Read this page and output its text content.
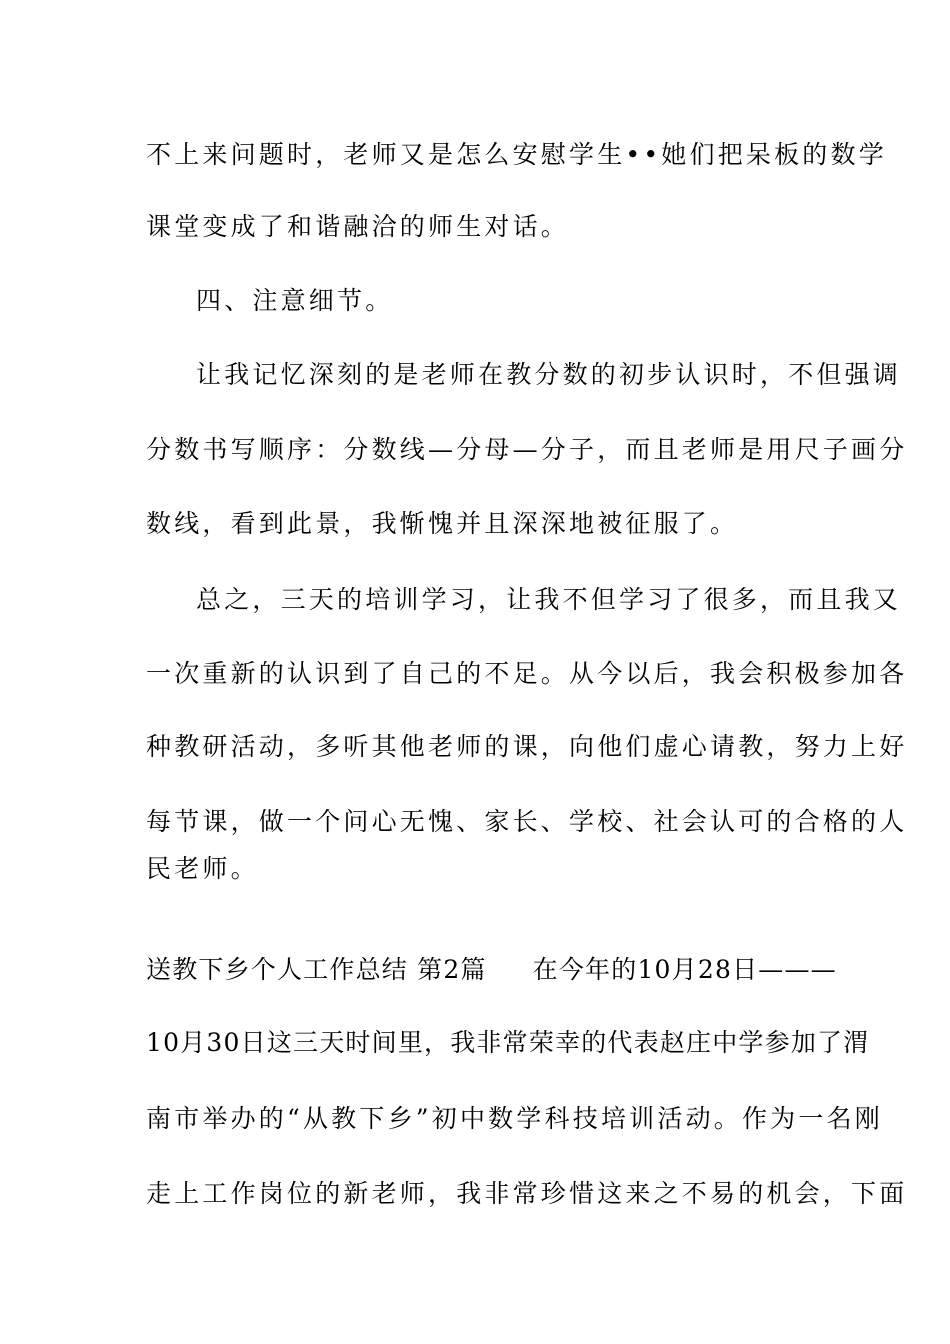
不上来问题时，老师又是怎么安慰学生••她们把呆板的数学
课堂变成了和谐融洽的师生对话。
四、注意细节。
让我记忆深刻的是老师在教分数的初步认识时，不但强调
分数书写顺序：分数线—分母—分子，而且老师是用尺子画分
数线，看到此景，我惭愧并且深深地被征服了。
总之，三天的培训学习，让我不但学习了很多，而且我又
一次重新的认识到了自己的不足。从今以后，我会积极参加各
种教研活动，多听其他老师的课，向他们虚心请教，努力上好
每节课，做一个问心无愧、家长、学校、社会认可的合格的人
民老师。
送教下乡个人工作总结 第2篇 在今年的10月28日———
10月30日这三天时间里，我非常荣幸的代表赵庄中学参加了渭
南市举办的“从教下乡”初中数学科技培训活动。作为一名刚
走上工作岗位的新老师，我非常珍惜这来之不易的机会，下面
